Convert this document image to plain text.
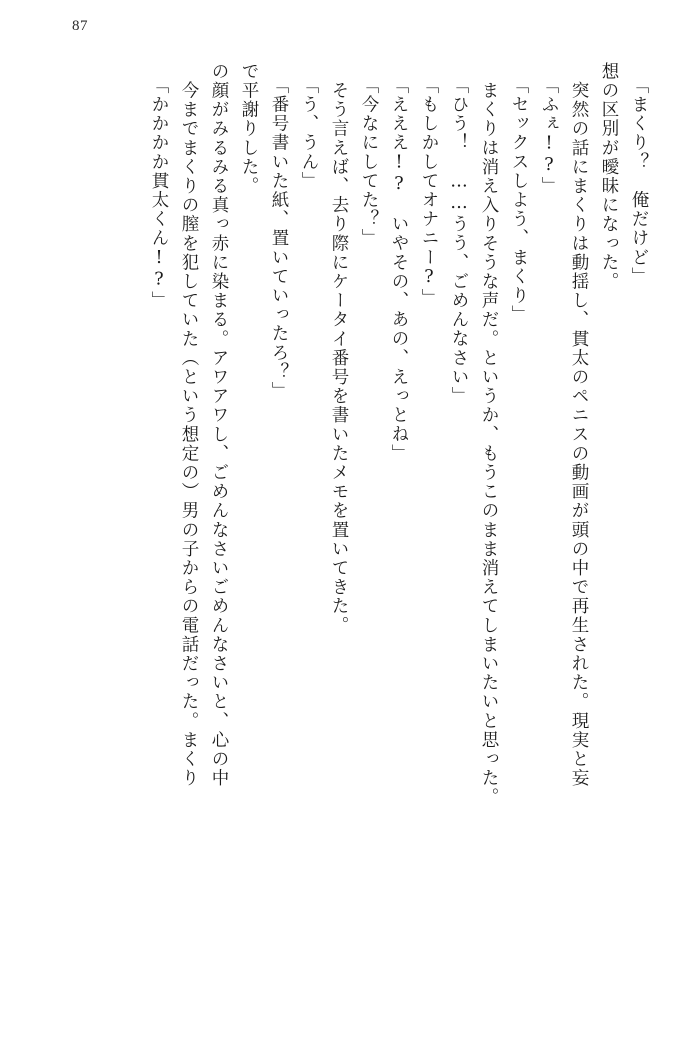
87
「まくり？　俺だけど」
想の区別が曖昧になった。
　突然の話にまくりは動揺し、貫太のペニスの動画が頭の中で再生された。現実と妄
「ふぇ!?」
「セックスしよう、まくり」
　まくりは消え入りそうな声だ。というか、もうこのまま消えてしまいたいと思った。
「ひう！　……うう、ごめんなさい」
「もしかしてオナニー?」
「えええ!?　いやその、あの、えっとね」
「今なにしてた？」
　そう言えば、去り際にケータイ番号を書いたメモを置いてきた。
「う、うん」
「番号書いた紙、置いていったろ？」
で平謝りした。
の顔がみるみる真っ赤に染まる。アワアワし、ごめんなさいごめんなさいと、心の中
　今までまくりの膣を犯していた（という想定の）男の子からの電話だった。まくり
「かかかか貫太くん!?」
